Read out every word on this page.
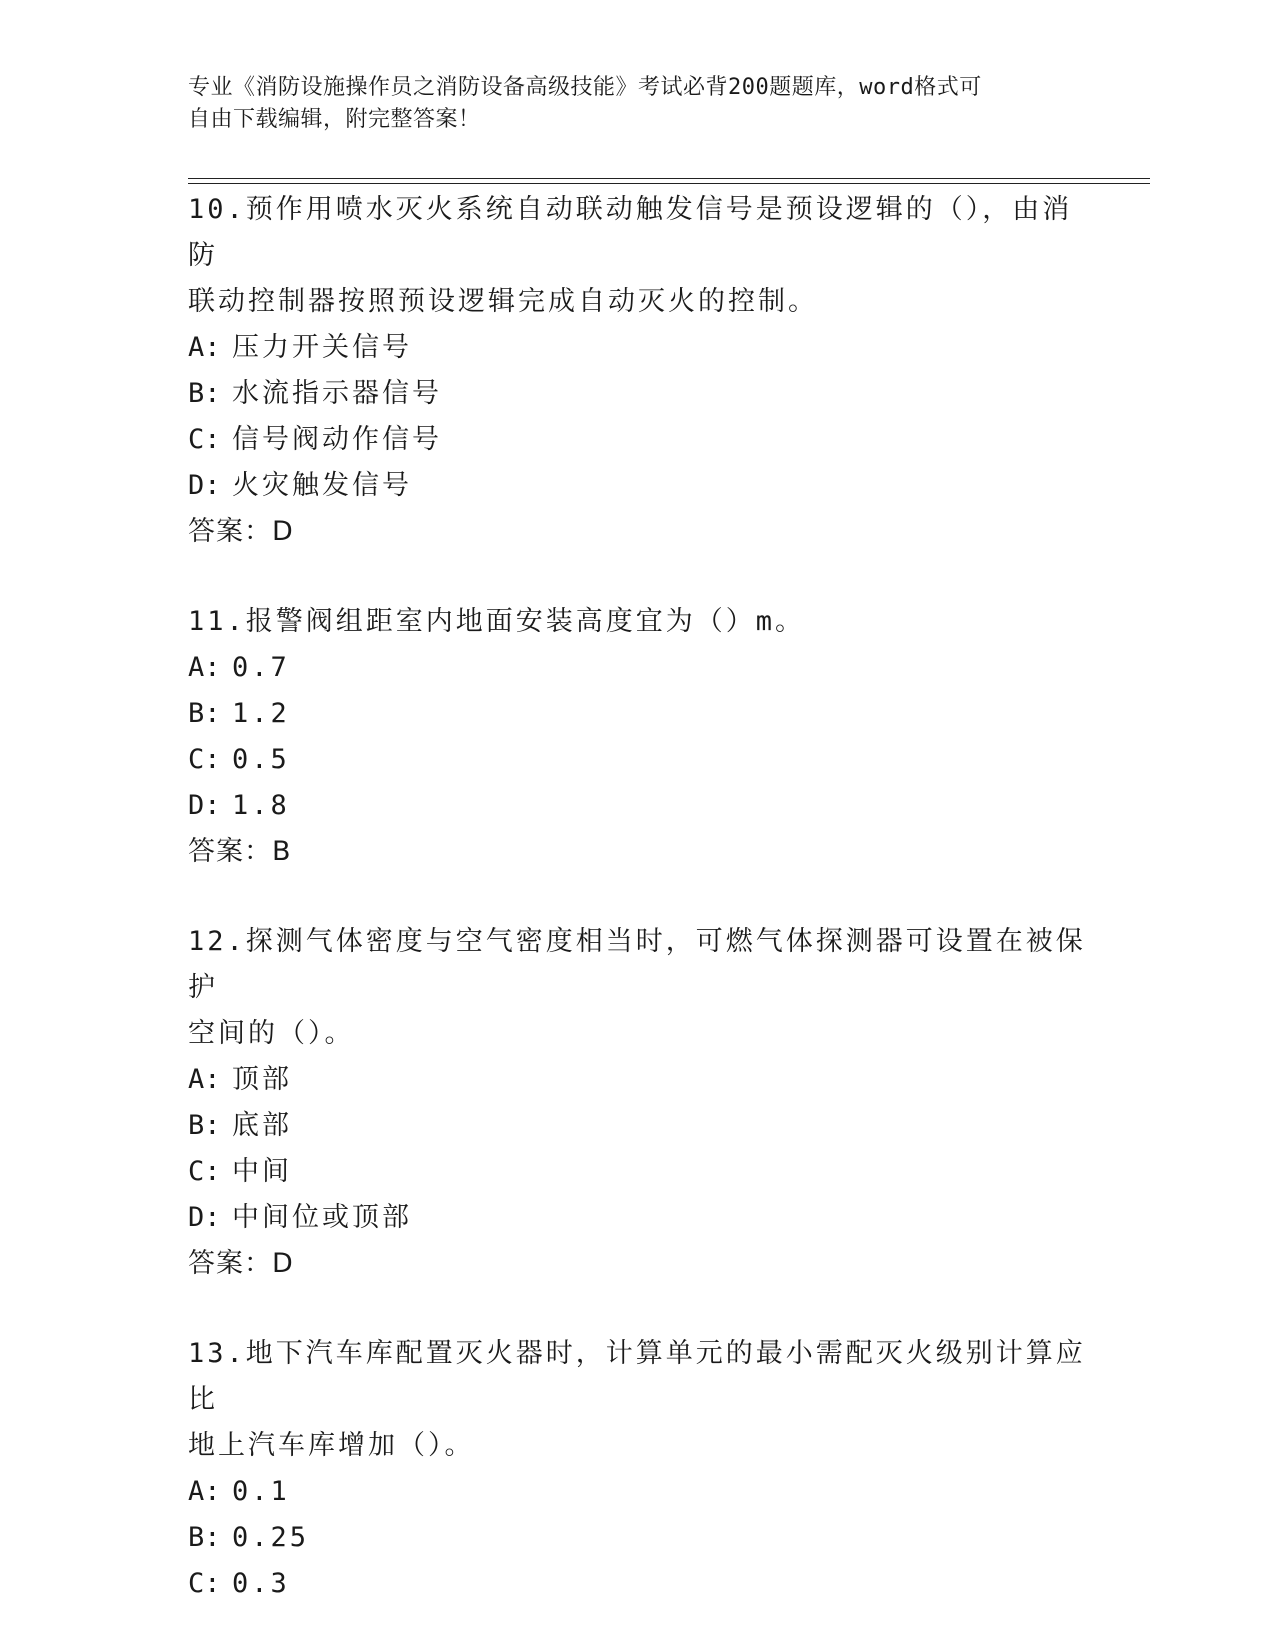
专业《消防设施操作员之消防设备高级技能》考试必背200题题库，word格式可
自由下载编辑，附完整答案！
10.预作用喷水灭火系统自动联动触发信号是预设逻辑的（），由消防
联动控制器按照预设逻辑完成自动灭火的控制。
A: 压力开关信号
B: 水流指示器信号
C: 信号阀动作信号
D: 火灾触发信号
答案：D
11.报警阀组距室内地面安装高度宜为（）m。
A: 0.7
B: 1.2
C: 0.5
D: 1.8
答案：B
12.探测气体密度与空气密度相当时，可燃气体探测器可设置在被保护
空间的（）。
A: 顶部
B: 底部
C: 中间
D: 中间位或顶部
答案：D
13.地下汽车库配置灭火器时，计算单元的最小需配灭火级别计算应比
地上汽车库增加（）。
A: 0.1
B: 0.25
C: 0.3
